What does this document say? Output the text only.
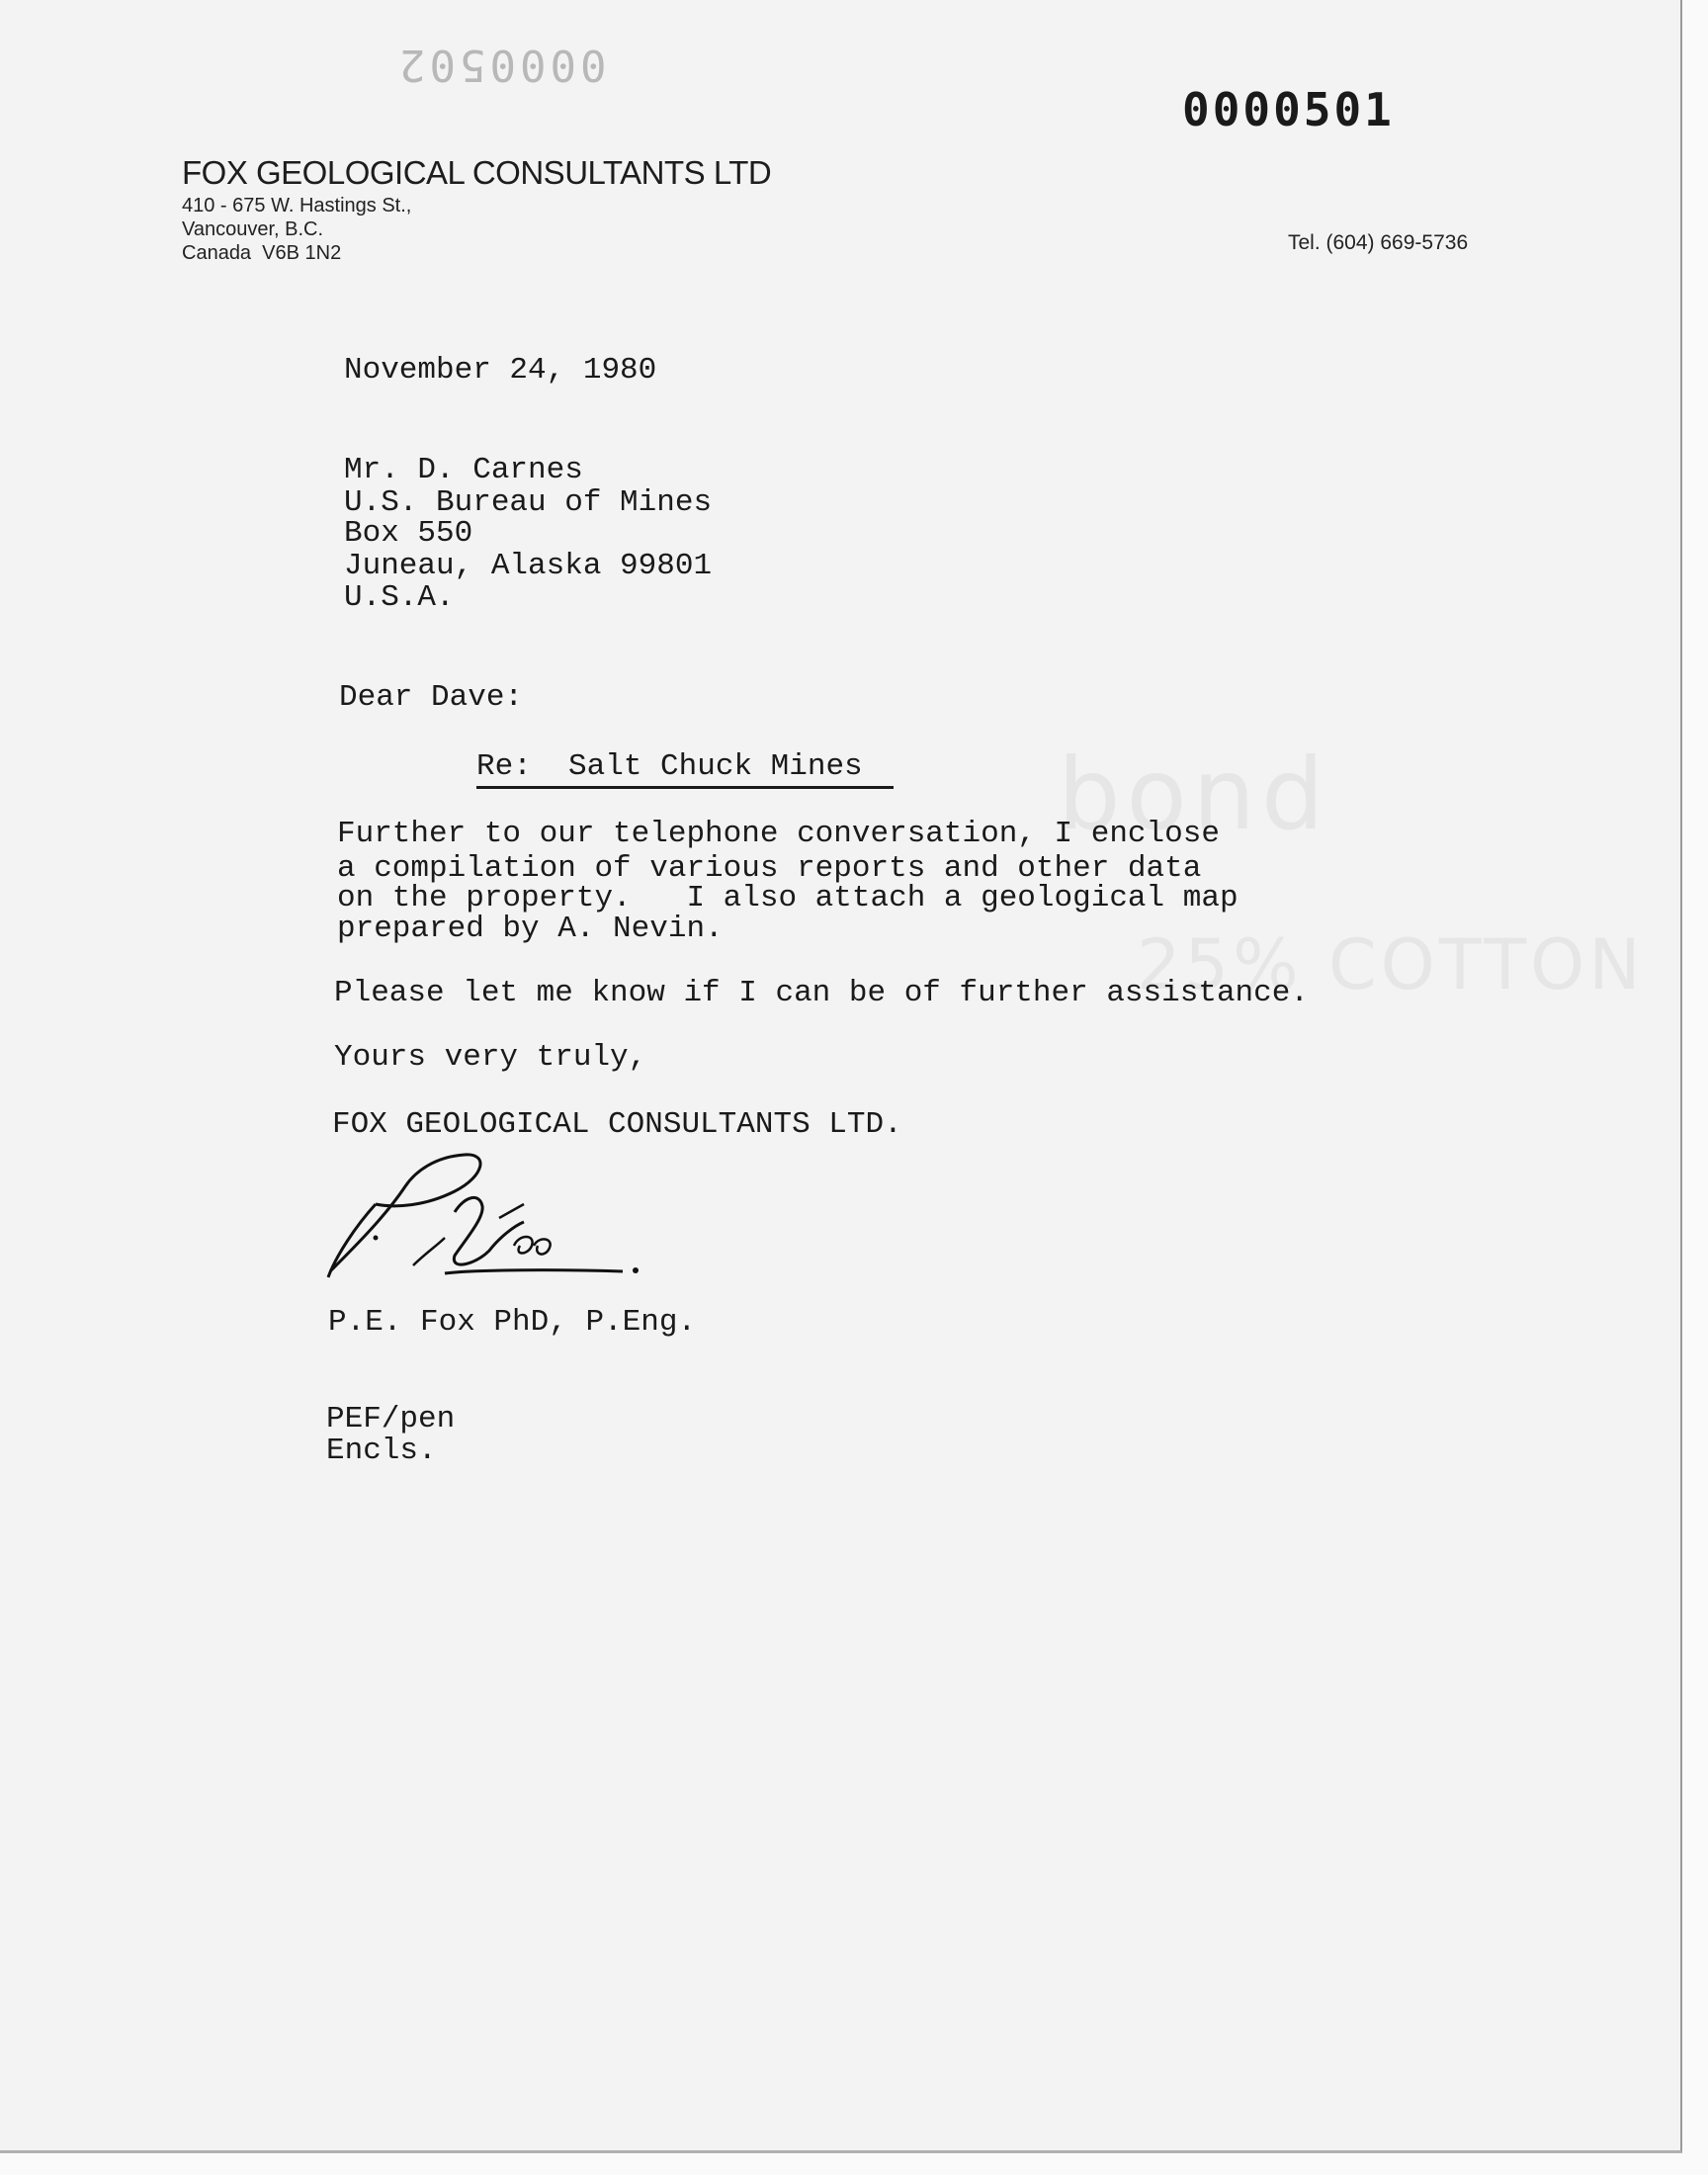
bond
25% COTTON
0000502
0000501
FOX GEOLOGICAL CONSULTANTS LTD
410 - 675 W. Hastings St.,
Vancouver, B.C.
Canada  V6B 1N2	Tel. (604) 669-5736
November 24, 1980
Mr. D. Carnes
U.S. Bureau of Mines
Box 550
Juneau, Alaska 99801
U.S.A.
Dear Dave:
Re:  Salt Chuck Mines
Further to our telephone conversation, I enclose
a compilation of various reports and other data
on the property.   I also attach a geological map
prepared by A. Nevin.
Please let me know if I can be of further assistance.
Yours very truly,
FOX GEOLOGICAL CONSULTANTS LTD.
P.E. Fox PhD, P.Eng.
PEF/pen
Encls.
